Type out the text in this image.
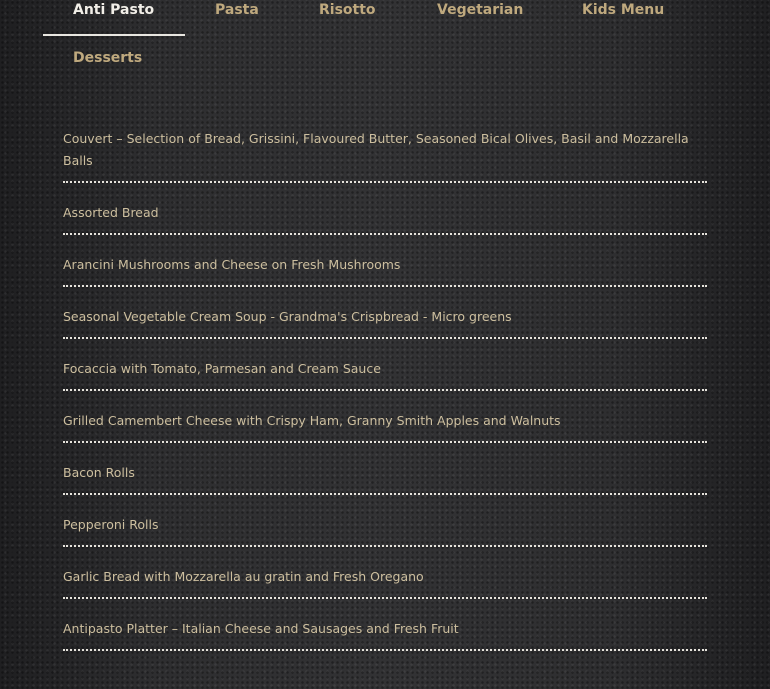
Anti Pasto	Pasta	Risotto	Vegetarian	Kids Menu
Desserts
Couvert – Selection of Bread, Grissini, Flavoured Butter, Seasoned Bical Olives, Basil and Mozzarella Balls
Assorted Bread
Arancini Mushrooms and Cheese on Fresh Mushrooms
Seasonal Vegetable Cream Soup - Grandma's Crispbread - Micro greens
Focaccia with Tomato, Parmesan and Cream Sauce
Grilled Camembert Cheese with Crispy Ham, Granny Smith Apples and Walnuts
Bacon Rolls
Pepperoni Rolls
Garlic Bread with Mozzarella au gratin and Fresh Oregano
Antipasto Platter – Italian Cheese and Sausages and Fresh Fruit
